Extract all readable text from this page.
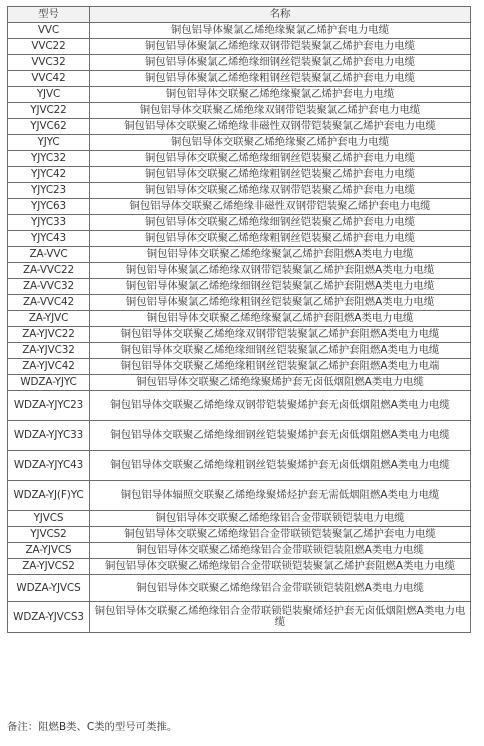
型号	名称
VVC	铜包铝导体聚氯乙烯绝缘聚氯乙烯护套电力电缆
VVC22	铜包铝导体聚氯乙烯绝缘双钢带铠装聚氯乙烯护套电力电缆
VVC32	铜包铝导体聚氯乙烯绝缘细钢丝铠装聚氯乙烯护套电力电缆
VVC42	铜包铝导体聚氯乙烯绝缘粗钢丝铠装聚氯乙烯护套电力电缆
YJVC	铜包铝导体交联聚乙烯绝缘聚氯乙烯护套电力电缆
YJVC22	铜包铝导体交联聚乙烯绝缘双钢带铠装聚氯乙烯护套电力电缆
YJVC62	铜包铝导体交联聚乙烯绝缘非磁性双钢带铠装聚氯乙烯护套电力电缆
YJYC	铜包铝导体交联聚乙烯绝缘聚乙烯护套电力电缆
YJYC32	铜包铝导体交联聚乙烯绝缘细钢丝铠装聚乙烯护套电力电缆
YJYC42	铜包铝导体交联聚乙烯绝缘粗钢丝铠装聚乙烯护套电力电缆
YJYC23	铜包铝导体交联聚乙烯绝缘双钢带铠装聚乙烯护套电力电缆
YJYC63	铜包铝导体交联聚乙烯绝缘非磁性双钢带铠装聚乙烯护套电力电缆
YJYC33	铜包铝导体交联聚乙烯绝缘细钢丝铠装聚乙烯护套电力电缆
YJYC43	铜包铝导体交联聚乙烯绝缘粗钢丝铠装聚乙烯护套电力电缆
ZA-VVC	铜包铝导体交联聚乙烯绝缘聚氯乙烯护套阻燃A类电力电缆
ZA-VVC22	铜包铝导体聚氯乙烯绝缘双钢带铠装聚氯乙烯护套阻燃A类电力电缆
ZA-VVC32	铜包铝导体聚氯乙烯绝缘细钢丝铠装聚氯乙烯护套阻燃A类电力电缆
ZA-VVC42	铜包铝导体聚氯乙烯绝缘粗钢丝铠装聚氯乙烯护套阻燃A类电力电缆
ZA-YJVC	铜包铝导体交联聚乙烯绝缘聚氯乙烯护套阻燃A类电力电缆
ZA-YJVC22	铜包铝导体交联聚乙烯绝缘双钢带铠装聚氯乙烯护套阻燃A类电力电缆
ZA-YJVC32	铜包铝导体交联聚乙烯绝缘细钢丝铠装聚氯乙烯护套阻燃A类电力电缆
ZA-YJVC42	铜包铝导体交联聚乙烯绝缘粗钢丝铠装聚氯乙烯护套阻燃A类电力电端
WDZA-YJYC	铜包铝导体交联聚乙烯绝缘聚烯护套无卤低烟阻燃A类电力电缆
WDZA-YJYC23	铜包铝导体交联聚乙烯绝缘双钢带铠装聚烯护套无卤低烟阻燃A类电力电缆
WDZA-YJYC33	铜包铝导体交联聚乙烯绝缘细钢丝铠装聚烯护套无卤低烟阻燃A类电力电缆
WDZA-YJYC43	铜包铝导体交联聚乙烯绝缘粗钢丝铠装聚烯护套无卤低烟阻燃A类电力电缆
WDZA-YJ(F)YC	铜包铝导体辐照交联聚乙烯绝缘聚烯烃护套无需低烟阻燃A类电力电缆
YJVCS	铜包铝导体交联聚乙烯绝缘铝合金带联锁铠装电力电缆
YJVCS2	铜包铝导体交联聚乙烯绝缘铝合金带联锁铠装聚氯乙烯护套电力电缆
ZA-YJVCS	铜包铝导体交联聚乙烯绝缘铝合金带联锁铠装阻燃A类电力电缆
ZA-YJVCS2	铜包铝导体交联聚乙烯绝缘铝合金带联锁铠装聚氯乙烯护套阻燃A类电力电缆
WDZA-YJVCS	铜包铝导体交联聚乙烯绝缘铝合金带联锁铠装阻燃A类电力电缆
WDZA-YJVCS3	铜包铝导体交联聚乙烯绝缘铝合金带联锁铠装聚烯烃护套无卤低烟阻燃A类电力电缆
备注：阻燃B类、C类的型号可类推。
